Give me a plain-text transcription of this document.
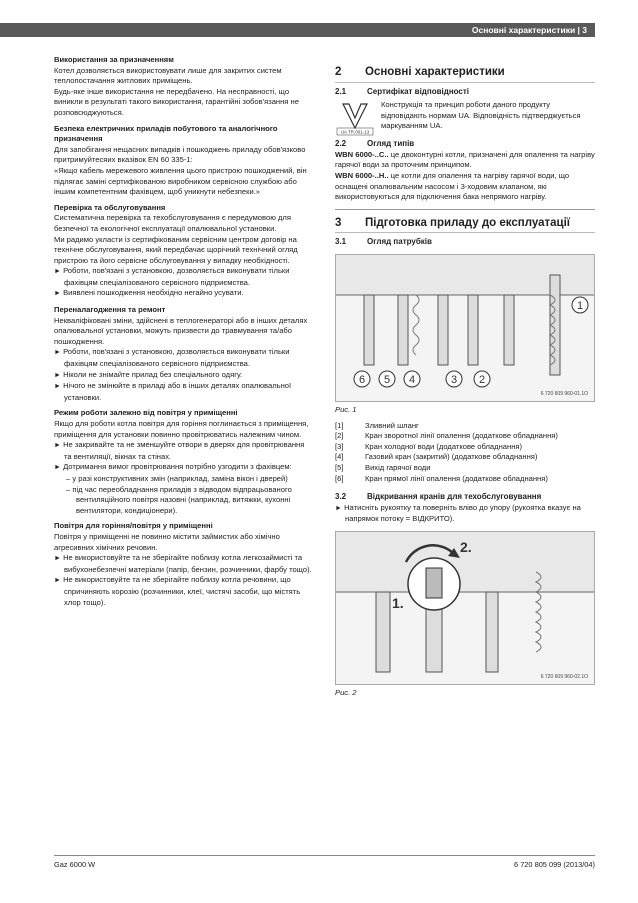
Основні характеристики | 3

Використання за призначенням

Котел дозволяється використовувати лише для закритих систем теплопостачання житлових приміщень.

Будь-яке інше використання не передбачено. На несправності, що виникли в результаті такого використання, гарантійні зобов'язання не розповсюджуються.

Безпека електричних приладів побутового та аналогічного призначення

Для запобігання нещасних випадків і пошкоджень приладу обов'язково притримуйтесяих вказівок EN 60 335-1:

«Якщо кабель мережевого живлення цього пристрою пошкоджений, він підлягає заміні сертифікованою виробником сервісною службою або іншим компетентним фахівцем, щоб уникнути небезпеки.»

Перевірка та обслуговування

Систематична перевірка та техобслуговування є передумовою для безпечної та екологічної експлуатації опалювальної установки.

Ми радимо укласти із сертифікованим сервісним центром договір на технічне обслуговування, який передбачає щорічний технічний огляд пристрою та його сервісне обслуговування у випадку необхідності.

► Роботи, пов'язані з установкою, дозволяється виконувати тільки фахівцям спеціалізованого сервісного підприємства.

► Виявлені пошкодження необхідно негайно усувати.

Переналагодження та ремонт

Некваліфіковані зміни, здійснені в теплогенераторі або в інших деталях опалювальної установки, можуть призвести до травмування та/або пошкодження.

► Роботи, пов'язані з установкою, дозволяється виконувати тільки фахівцям спеціалізованого сервісного підприємства.

► Ніколи не знімайте прилад без спеціального одягу.

► Нічого не змінюйте в приладі або в інших деталях опалювальної установки.

Режим роботи залежно від повітря у приміщенні

Якщо для роботи котла повітря для горіння поглинається з приміщення, приміщення для установки повинно провітрюватись належним чином.

► Не закривайте та не зменшуйте отвори в дверях для провітрювання та вентиляції, вікнах та стінах.

► Дотримання вимог провітрювання потрібно узгодити з фахівцем:

– у разі конструктивних змін (наприклад, заміна вікон і дверей)

– під час переобладнання приладів з відводом відпрацьованого вентиляційного повітря назовні (наприклад, витяжки, кухонні вентилятори, кондиціонери).

Повітря для горіння/повітря у приміщенні

Повітря у приміщенні не повинно містити займистих або хімічно агресивних хімічних речовин.

► Не використовуйте та не зберігайте поблизу котла легкозаймисті та вибухонебезпечні матеріали (папір, бензин, розчинники, фарбу тощо).

► Не використовуйте та не зберігайте поблизу котла речовини, що спричиняють корозію (розчинники, клеї, чистячі засоби, що містять хлор тощо).

2	Основні характеристики
2.1	Сертифікат відповідності
UA TR.001-13
Конструкція та принцип роботи даного продукту відповідають нормам UA. Відповідність підтверджується маркуванням UA.
2.2	Огляд типів

WBN 6000-..C.. це двоконтурні котли, призначені для опалення та нагріву гарячої води за проточним принципом.

WBN 6000-..H.. це котли для опалення та нагріву гарячої води, що оснащені опалювальним насосом і 3-ходовим клапаном, які використовуються для підключення бака непрямого нагріву.

3	Підготовка приладу до експлуатації
3.1	Огляд патрубків
6 5 4	3 2
1
6 720 609 960-01.1O

Рис. 1

[1]	Зливний шланг
[2]	Кран зворотної лінії опалення (додаткове обладнання)
[3]	Кран холодної води (додаткове обладнання)
[4]	Газовий кран (закритий) (додаткове обладнання)
[5]	Вихід гарячої води
[6]	Кран прямої лінії опалення (додаткове обладнання)
3.2	Відкривання кранів для техобслуговування

► Натисніть рукоятку та поверніть вліво до упору (рукоятка вказує на напрямок потоку = ВІДКРИТО).

1.
2.
6 720 609 960-02.1O

Рис. 2

Gaz 6000 W	6 720 805 099 (2013/04)
